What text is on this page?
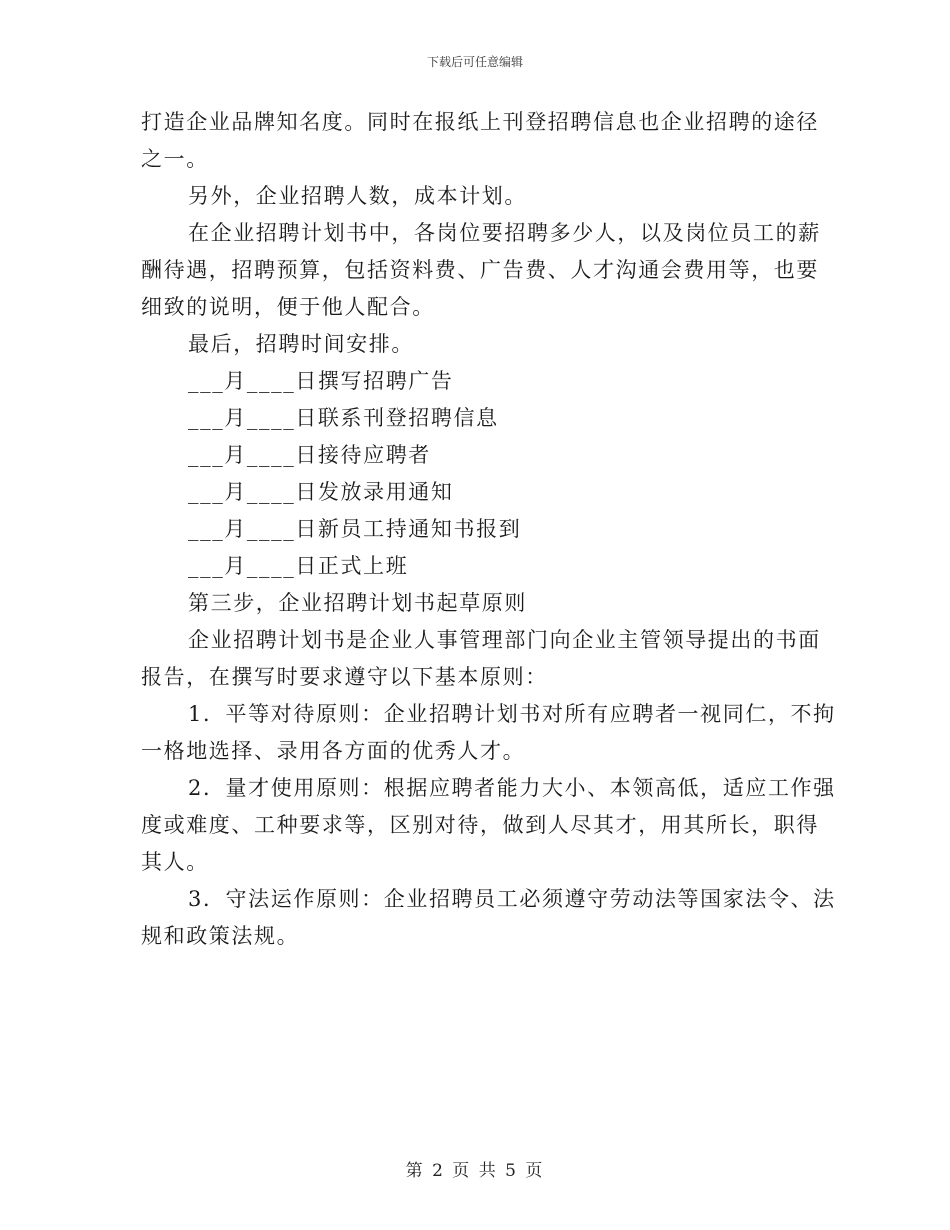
下载后可任意编辑
打造企业品牌知名度。同时在报纸上刊登招聘信息也企业招聘的途径
之一。
另外，企业招聘人数，成本计划。
在企业招聘计划书中，各岗位要招聘多少人，以及岗位员工的薪
酬待遇，招聘预算，包括资料费、广告费、人才沟通会费用等，也要
细致的说明，便于他人配合。
最后，招聘时间安排。
___月____日撰写招聘广告
___月____日联系刊登招聘信息
___月____日接待应聘者
___月____日发放录用通知
___月____日新员工持通知书报到
___月____日正式上班
第三步，企业招聘计划书起草原则
企业招聘计划书是企业人事管理部门向企业主管领导提出的书面
报告，在撰写时要求遵守以下基本原则：
1．平等对待原则：企业招聘计划书对所有应聘者一视同仁，不拘
一格地选择、录用各方面的优秀人才。
2．量才使用原则：根据应聘者能力大小、本领高低，适应工作强
度或难度、工种要求等，区别对待，做到人尽其才，用其所长，职得
其人。
3．守法运作原则：企业招聘员工必须遵守劳动法等国家法令、法
规和政策法规。
第 2 页 共 5 页
